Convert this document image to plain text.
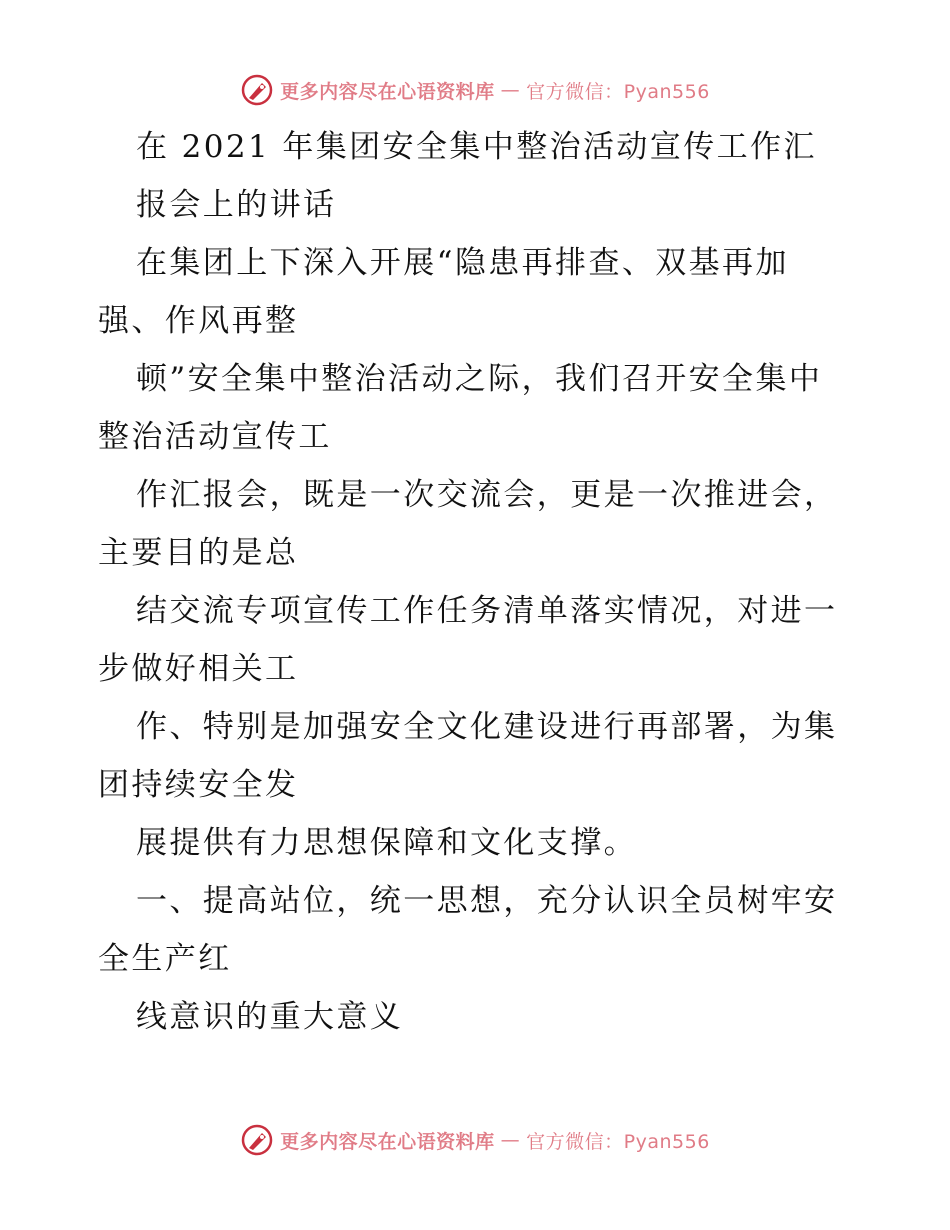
更多内容尽在心语资料库 — 官方微信：Pyan556
在 2021 年集团安全集中整治活动宣传工作汇
报会上的讲话
在集团上下深入开展“隐患再排查、双基再加
强、作风再整
顿”安全集中整治活动之际，我们召开安全集中
整治活动宣传工
作汇报会，既是一次交流会，更是一次推进会，
主要目的是总
结交流专项宣传工作任务清单落实情况，对进一
步做好相关工
作、特别是加强安全文化建设进行再部署，为集
团持续安全发
展提供有力思想保障和文化支撑。
一、提高站位，统一思想，充分认识全员树牢安
全生产红
线意识的重大意义
更多内容尽在心语资料库 — 官方微信：Pyan556
